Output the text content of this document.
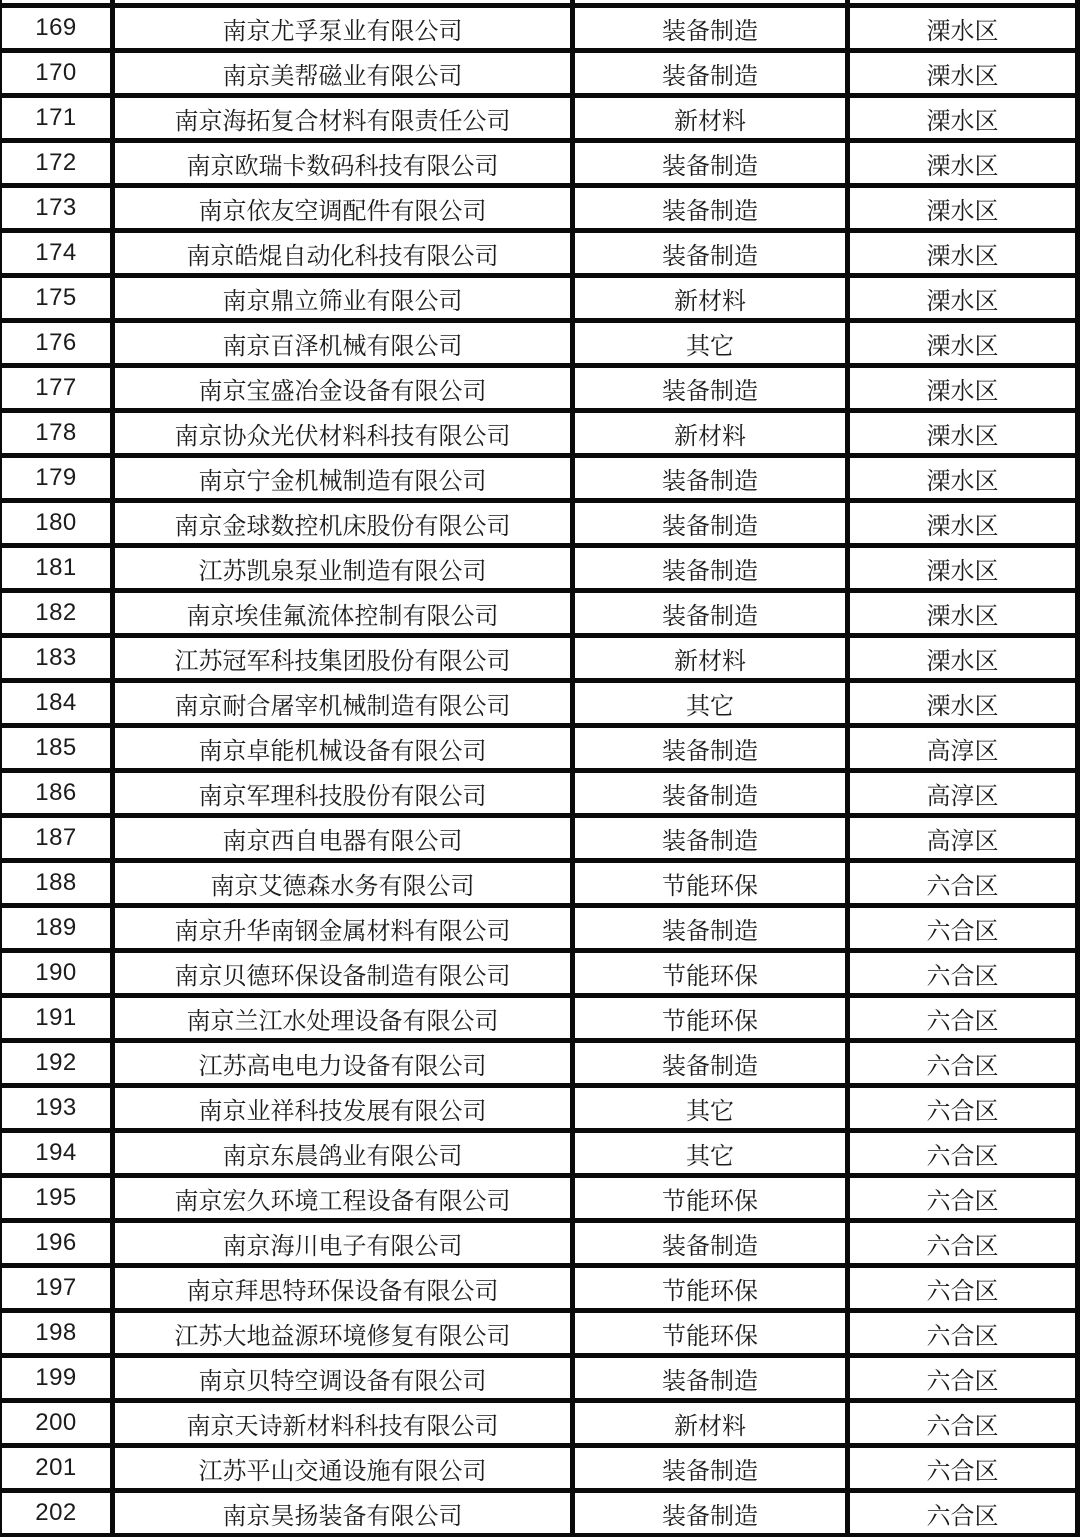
169	南京尤孚泵业有限公司	装备制造	溧水区
170	南京美帮磁业有限公司	装备制造	溧水区
171	南京海拓复合材料有限责任公司	新材料	溧水区
172	南京欧瑞卡数码科技有限公司	装备制造	溧水区
173	南京依友空调配件有限公司	装备制造	溧水区
174	南京皓焜自动化科技有限公司	装备制造	溧水区
175	南京鼎立筛业有限公司	新材料	溧水区
176	南京百泽机械有限公司	其它	溧水区
177	南京宝盛冶金设备有限公司	装备制造	溧水区
178	南京协众光伏材料科技有限公司	新材料	溧水区
179	南京宁金机械制造有限公司	装备制造	溧水区
180	南京金球数控机床股份有限公司	装备制造	溧水区
181	江苏凯泉泵业制造有限公司	装备制造	溧水区
182	南京埃佳氟流体控制有限公司	装备制造	溧水区
183	江苏冠军科技集团股份有限公司	新材料	溧水区
184	南京耐合屠宰机械制造有限公司	其它	溧水区
185	南京卓能机械设备有限公司	装备制造	高淳区
186	南京军理科技股份有限公司	装备制造	高淳区
187	南京西自电器有限公司	装备制造	高淳区
188	南京艾德森水务有限公司	节能环保	六合区
189	南京升华南钢金属材料有限公司	装备制造	六合区
190	南京贝德环保设备制造有限公司	节能环保	六合区
191	南京兰江水处理设备有限公司	节能环保	六合区
192	江苏高电电力设备有限公司	装备制造	六合区
193	南京业祥科技发展有限公司	其它	六合区
194	南京东晨鸽业有限公司	其它	六合区
195	南京宏久环境工程设备有限公司	节能环保	六合区
196	南京海川电子有限公司	装备制造	六合区
197	南京拜思特环保设备有限公司	节能环保	六合区
198	江苏大地益源环境修复有限公司	节能环保	六合区
199	南京贝特空调设备有限公司	装备制造	六合区
200	南京天诗新材料科技有限公司	新材料	六合区
201	江苏平山交通设施有限公司	装备制造	六合区
202	南京昊扬装备有限公司	装备制造	六合区
